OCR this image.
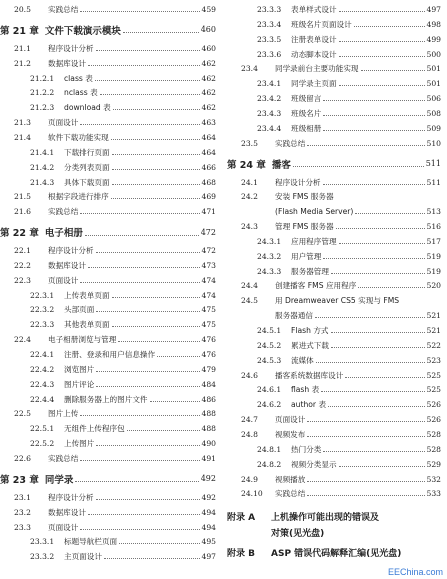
20.5	实践总结	459
第 21 章 文件下载演示模块	460
21.1	程序设计分析	460
21.2	数据库设计	462
21.2.1	class 表	462
21.2.2	nclass 表	462
21.2.3	download 表	462
21.3	页面设计	463
21.4	软件下载功能实现	464
21.4.1	下载排行页面	464
21.4.2	分类列表页面	466
21.4.3	具体下载页面	468
21.5	根据字段进行排序	469
21.6	实践总结	471
第 22 章 电子相册	472
22.1	程序设计分析	472
22.2	数据库设计	473
22.3	页面设计	474
22.3.1	上传表单页面	474
22.3.2	头部页面	475
22.3.3	其他表单页面	475
22.4	电子相册浏览与管理	476
22.4.1	注册、登录和用户信息操作	476
22.4.2	浏览图片	479
22.4.3	图片评论	484
22.4.4	删除服务器上的图片文件	486
22.5	图片上传	488
22.5.1	无组件上传程序包	488
22.5.2	上传图片	490
22.6	实践总结	491
第 23 章 同学录	492
23.1	程序设计分析	492
23.2	数据库设计	494
23.3	页面设计	494
23.3.1	标题导航栏页面	495
23.3.2	主页面设计	497
23.3.3	表单样式设计	497
23.3.4	班级名片页面设计	498
23.3.5	注册表单设计	499
23.3.6	动态脚本设计	500
23.4	同学录前台主要功能实现	501
23.4.1	同学录主页面	501
23.4.2	班级留言	506
23.4.3	班级名片	508
23.4.4	班级相册	509
23.5	实践总结	510
第 24 章 播客	511
24.1	程序设计分析	511
24.2	安装 FMS 服务器
(Flash Media Server)	513
24.3	管理 FMS 服务器	516
24.3.1	应用程序管理	517
24.3.2	用户管理	519
24.3.3	服务器管理	519
24.4	创建播客 FMS 应用程序	520
24.5	用 Dreamweaver CS5 实现与 FMS
服务器通信	521
24.5.1	Flash 方式	521
24.5.2	累进式下载	522
24.5.3	流媒体	523
24.6	播客系统数据库设计	525
24.6.1	flash 表	525
24.6.2	author 表	526
24.7	页面设计	526
24.8	视频发布	528
24.8.1	热门分类	528
24.8.2	视频分类显示	529
24.9	视频播放	532
24.10	实践总结	533
附录 A	上机操作可能出现的错误及
对策(见光盘)
附录 B	ASP 错误代码解释汇编(见光盘)
EEChina.com
